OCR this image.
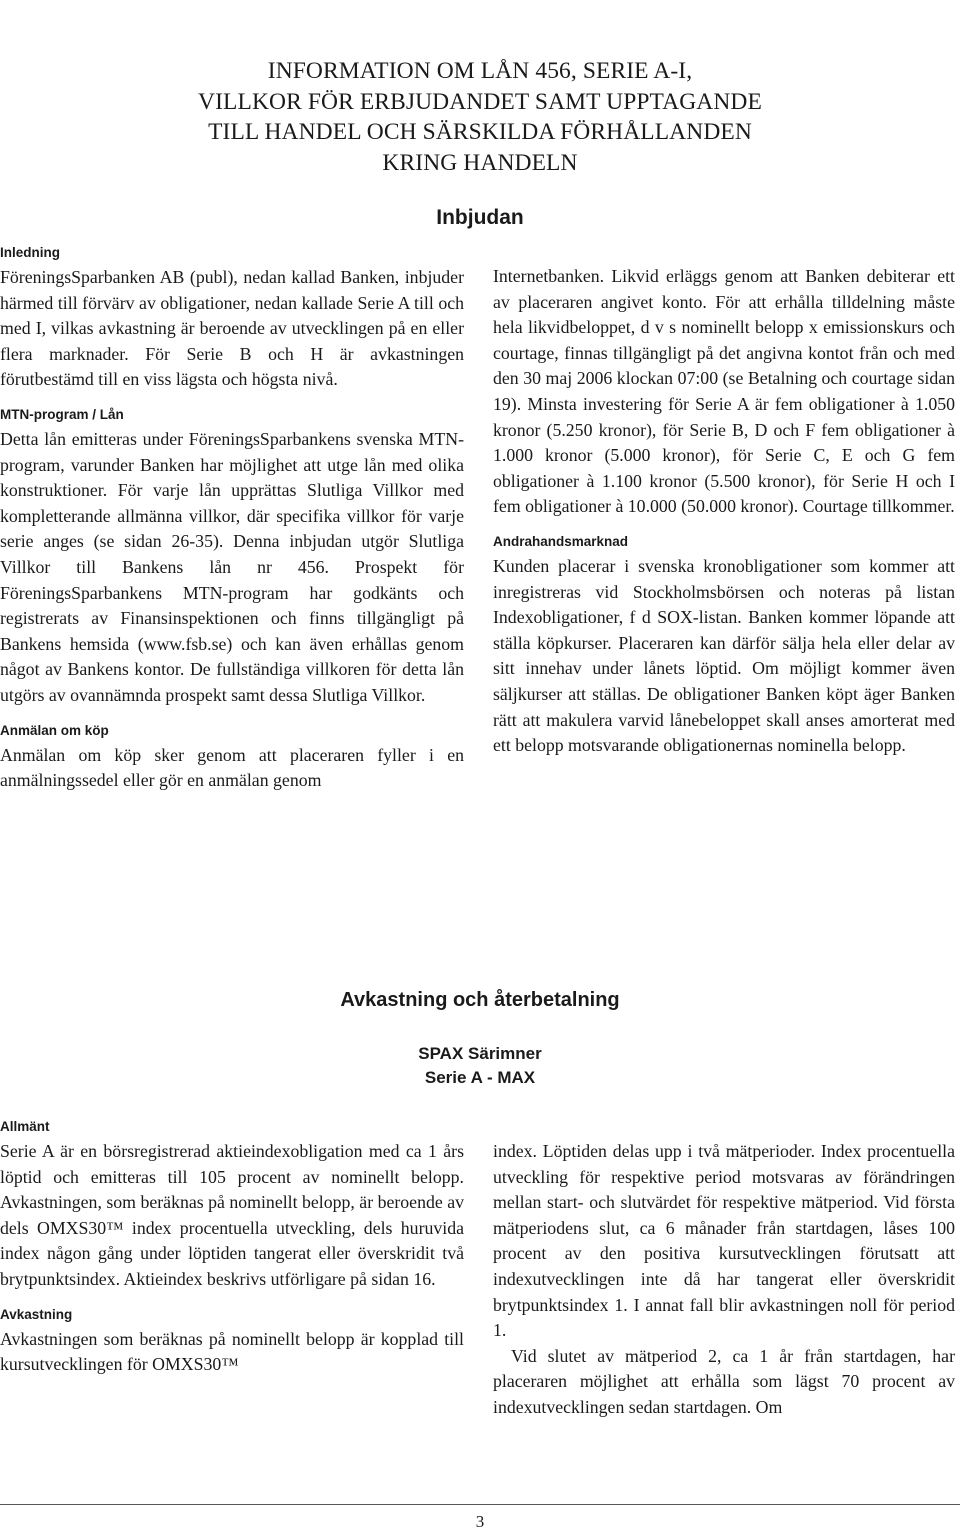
INFORMATION OM LÅN 456, SERIE A-I,
VILLKOR FÖR ERBJUDANDET SAMT UPPTAGANDE
TILL HANDEL OCH SÄRSKILDA FÖRHÅLLANDEN
KRING HANDELN
Inbjudan
Inledning

FöreningsSparbanken AB (publ), nedan kallad Banken, inbjuder härmed till förvärv av obligationer, nedan kallade Serie A till och med I, vilkas avkastning är beroende av utvecklingen på en eller flera marknader. För Serie B och H är avkastningen förutbestämd till en viss lägsta och högsta nivå.

MTN-program / Lån

Detta lån emitteras under FöreningsSparbankens svenska MTN-program, varunder Banken har möjlighet att utge lån med olika konstruktioner. För varje lån upprättas Slutliga Villkor med kompletterande allmänna villkor, där specifika villkor för varje serie anges (se sidan 26-35). Denna inbjudan utgör Slutliga Villkor till Bankens lån nr 456. Prospekt för FöreningsSparbankens MTN-program har godkänts och registrerats av Finansinspektionen och finns tillgängligt på Bankens hemsida (www.fsb.se) och kan även erhållas genom något av Bankens kontor. De fullständiga villkoren för detta lån utgörs av ovannämnda prospekt samt dessa Slutliga Villkor.

Anmälan om köp

Anmälan om köp sker genom att placeraren fyller i en anmälningssedel eller gör en anmälan genom

Internetbanken. Likvid erläggs genom att Banken debiterar ett av placeraren angivet konto. För att erhålla tilldelning måste hela likvidbeloppet, d v s nominellt belopp x emissionskurs och courtage, finnas tillgängligt på det angivna kontot från och med den 30 maj 2006 klockan 07:00 (se Betalning och courtage sidan 19). Minsta investering för Serie A är fem obligationer à 1.050 kronor (5.250 kronor), för Serie B, D och F fem obligationer à 1.000 kronor (5.000 kronor), för Serie C, E och G fem obligationer à 1.100 kronor (5.500 kronor), för Serie H och I fem obligationer à 10.000 (50.000 kronor). Courtage tillkommer.

Andrahandsmarknad

Kunden placerar i svenska kronobligationer som kommer att inregistreras vid Stockholmsbörsen och noteras på listan Indexobligationer, f d SOX-listan. Banken kommer löpande att ställa köpkurser. Placeraren kan därför sälja hela eller delar av sitt innehav under lånets löptid. Om möjligt kommer även säljkurser att ställas. De obligationer Banken köpt äger Banken rätt att makulera varvid lånebeloppet skall anses amorterat med ett belopp motsvarande obligationernas nominella belopp.

Avkastning och återbetalning
SPAX Särimner
Serie A - MAX
Allmänt

Serie A är en börsregistrerad aktieindexobligation med ca 1 års löptid och emitteras till 105 procent av nominellt belopp. Avkastningen, som beräknas på nominellt belopp, är beroende av dels OMXS30™ index procentuella utveckling, dels huruvida index någon gång under löptiden tangerat eller överskridit två brytpunktsindex. Aktieindex beskrivs utförligare på sidan 16.

Avkastning

Avkastningen som beräknas på nominellt belopp är kopplad till kursutvecklingen för OMXS30™

index. Löptiden delas upp i två mätperioder. Index procentuella utveckling för respektive period motsvaras av förändringen mellan start- och slutvärdet för respektive mätperiod. Vid första mätperiodens slut, ca 6 månader från startdagen, låses 100 procent av den positiva kursutvecklingen förutsatt att indexutvecklingen inte då har tangerat eller överskridit brytpunktsindex 1. I annat fall blir avkastningen noll för period 1.

Vid slutet av mätperiod 2, ca 1 år från startdagen, har placeraren möjlighet att erhålla som lägst 70 procent av indexutvecklingen sedan startdagen. Om

3
